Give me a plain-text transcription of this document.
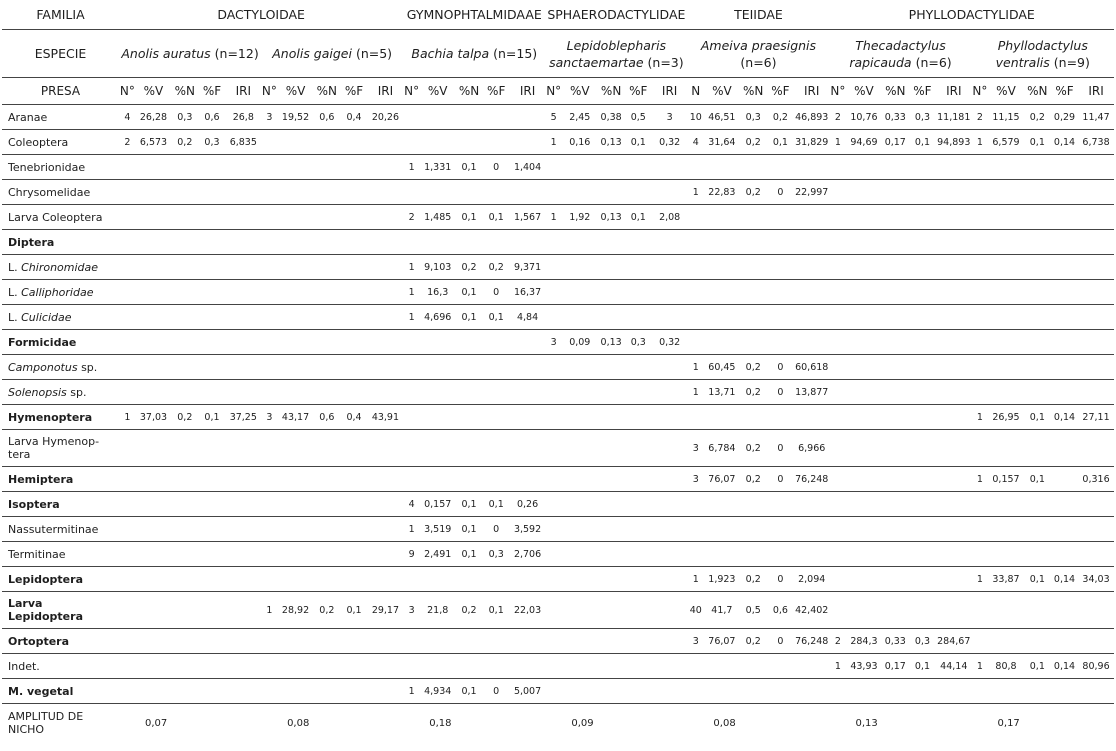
FAMILIA	DACTYLOIDAE										GYMNOPHTALMIDAAE					SPHAERODACTYLIDAE					TEIIDAE					PHYLLODACTYLIDAE									
ESPECIE	Anolis auratus (n=12)					Anolis gaigei (n=5)					Bachia talpa (n=15)					Lepidoblepharis sanctaemartae (n=3)					Ameiva praesignis (n=6)					Thecadactylus rapicauda (n=6)					Phyllodactylus ventralis (n=9)				
PRESA	N°	%V	%N	%F	IRI	N°	%V	%N	%F	IRI	N°	%V	%N	%F	IRI	N°	%V	%N	%F	IRI	N	%V	%N	%F	IRI	N°	%V	%N	%F	IRI	N°	%V	%N	%F	IRI
Aranae	4	26,28	0,3	0,6	26,8	3	19,52	0,6	0,4	20,26						5	2,45	0,38	0,5	3	10	46,51	0,3	0,2	46,893	2	10,76	0,33	0,3	11,181	2	11,15	0,2	0,29	11,47
Coleoptera	2	6,573	0,2	0,3	6,835											1	0,16	0,13	0,1	0,32	4	31,64	0,2	0,1	31,829	1	94,69	0,17	0,1	94,893	1	6,579	0,1	0,14	6,738
Tenebrionidae											1	1,331	0,1	0	1,404																				
Chrysomelidae																					1	22,83	0,2	0	22,997										
Larva Coleoptera											2	1,485	0,1	0,1	1,567	1	1,92	0,13	0,1	2,08															
Diptera																																			
L. Chironomidae											1	9,103	0,2	0,2	9,371																				
L. Calliphoridae											1	16,3	0,1	0	16,37																				
L. Culicidae											1	4,696	0,1	0,1	4,84																				
Formicidae																3	0,09	0,13	0,3	0,32															
Camponotus sp.																					1	60,45	0,2	0	60,618										
Solenopsis sp.																					1	13,71	0,2	0	13,877										
Hymenoptera	1	37,03	0,2	0,1	37,25	3	43,17	0,6	0,4	43,91																					1	26,95	0,1	0,14	27,11
Larva Hymenop-tera																					3	6,784	0,2	0	6,966										
Hemiptera																					3	76,07	0,2	0	76,248						1	0,157	0,1		0,316
Isoptera											4	0,157	0,1	0,1	0,26																				
Nassutermitinae											1	3,519	0,1	0	3,592																				
Termitinae											9	2,491	0,1	0,3	2,706																				
Lepidoptera																					1	1,923	0,2	0	2,094						1	33,87	0,1	0,14	34,03
Larva Lepidoptera						1	28,92	0,2	0,1	29,17	3	21,8	0,2	0,1	22,03						40	41,7	0,5	0,6	42,402										
Ortoptera																					3	76,07	0,2	0	76,248	2	284,3	0,33	0,3	284,67					
Indet.																										1	43,93	0,17	0,1	44,14	1	80,8	0,1	0,14	80,96
M. vegetal											1	4,934	0,1	0	5,007																				
AMPLITUD DE NICHO	0,07					0,08					0,18					0,09					0,08					0,13					0,17				
